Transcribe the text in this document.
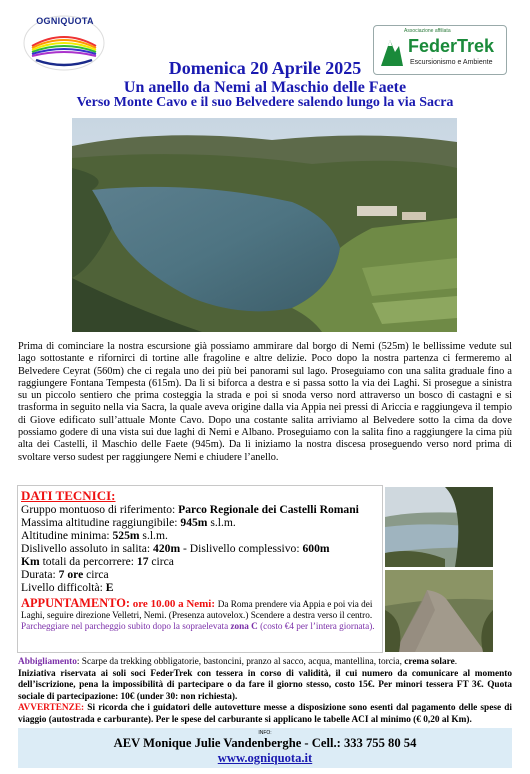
OGNIQUOTA
Associazione affiliata
FederTrek
Escursionismo e Ambiente
Domenica 20 Aprile 2025
Un anello da Nemi al Maschio delle Faete
Verso Monte Cavo e il suo Belvedere salendo lungo la via Sacra
Prima di cominciare la nostra escursione già possiamo ammirare dal borgo di Nemi (525m) le bellissime vedute sul lago sottostante e rifornirci di tortine alle fragoline e altre delizie. Poco dopo la nostra partenza ci fermeremo al Belvedere Ceyrat (560m) che ci regala uno dei più bei panorami sul lago. Proseguiamo con una salita graduale fino a raggiungere Fontana Tempesta (615m). Da lì si biforca a destra e si passa sotto la via dei Laghi. Si prosegue a sinistra su un piccolo sentiero che prima costeggia la strada e poi si snoda verso nord attraverso un bosco di castagni e si trasforma in seguito nella via Sacra, la quale aveva origine dalla via Appia nei pressi di Ariccia e raggiungeva il tempio di Giove edificato sull’attuale Monte Cavo. Dopo una costante salita arriviamo al Belvedere sotto la cima da dove possiamo godere di una vista sui due laghi di Nemi e Albano. Proseguiamo con la salita fino a raggiungere la cima più alta dei Castelli, il Maschio delle Faete (945m). Da lì iniziamo la nostra discesa proseguendo verso nord prima di svoltare verso sudest per raggiungere Nemi e chiudere l’anello.
DATI TECNICI:
Gruppo montuoso di riferimento: Parco Regionale dei Castelli Romani
Massima altitudine raggiungibile: 945m s.l.m.
Altitudine minima: 525m s.l.m.
Dislivello assoluto in salita: 420m - Dislivello complessivo: 600m
Km totali da percorrere: 17 circa
Durata: 7 ore circa
Livello difficoltà: E
APPUNTAMENTO: ore 10.00 a Nemi: Da Roma prendere via Appia e poi via dei Laghi, seguire direzione Velletri, Nemi. (Presenza autovelox.) Scendere a destra verso il centro. Parcheggiare nel parcheggio subito dopo la sopraelevata zona C (costo €4 per l’intera giornata).
Abbigliamento: Scarpe da trekking obbligatorie, bastoncini, pranzo al sacco, acqua, mantellina, torcia, crema solare.
Iniziativa riservata ai soli soci FederTrek con tessera in corso di validità, il cui numero da comunicare al momento dell’iscrizione, pena la impossibilità di partecipare o da fare il giorno stesso, costo 15€. Per minori tessera FT 3€. Quota sociale di partecipazione: 10€ (under 30: non richiesta).
AVVERTENZE: Si ricorda che i guidatori delle autovetture messe a disposizione sono esenti dal pagamento delle spese di viaggio (autostrada e carburante). Per le spese del carburante si applicano le tabelle ACI al minimo (€ 0,20 al Km).
INFO:
AEV Monique Julie Vandenberghe - Cell.: 333 755 80 54
www.ogniquota.it
